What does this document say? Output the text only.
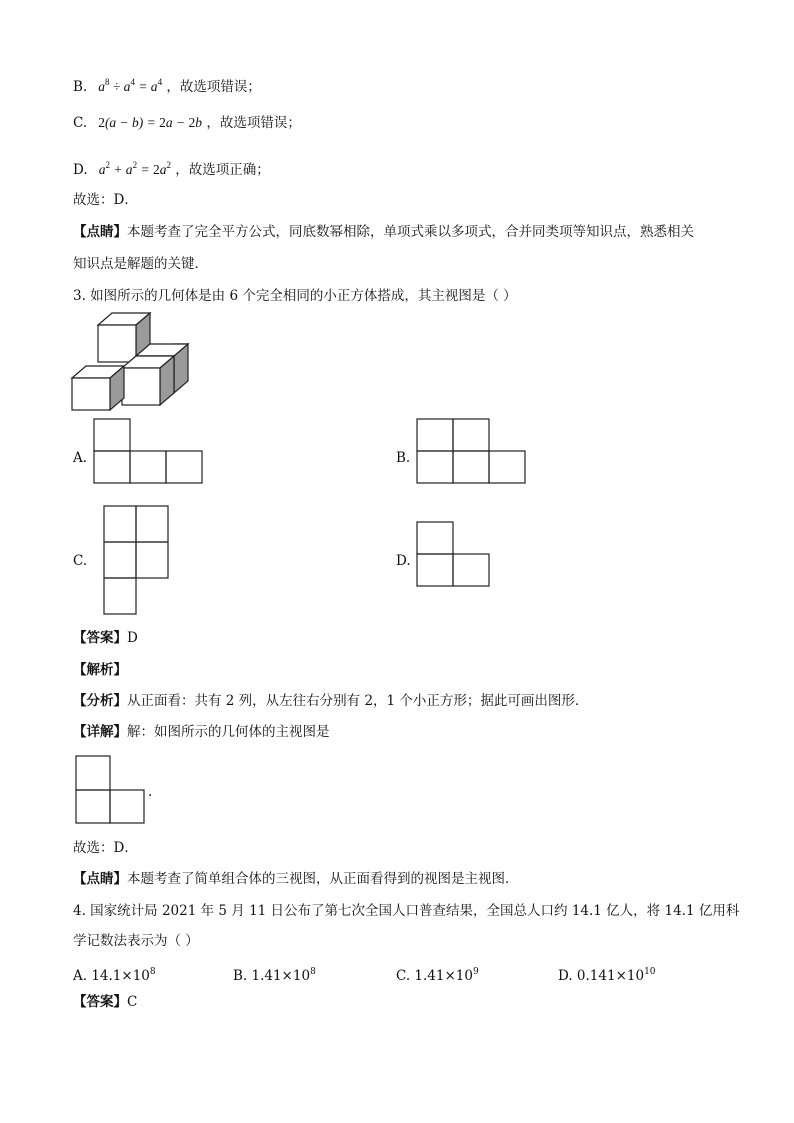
B.   $a^8 \div a^4 = a^4$ ，故选项错误；
C. 2(a − b) = 2a − 2b ，故选项错误；
D.   $a^2 + a^2 = 2a^2$ ，故选项正确；
故选：D．
【点睛】本题考查了完全平方公式，同底数幂相除，单项式乘以多项式，合并同类项等知识点，熟悉相关
知识点是解题的关键．
3. 如图所示的几何体是由 6 个完全相同的小正方体搭成，其主视图是（ ）
A.	B.
C.	D.
【答案】D
【解析】
【分析】从正面看：共有 2 列，从左往右分别有 2，1 个小正方形；据此可画出图形．
【详解】解：如图所示的几何体的主视图是
.
故选：D．
【点睛】本题考查了简单组合体的三视图，从正面看得到的视图是主视图．
4. 国家统计局 2021 年 5 月 11 日公布了第七次全国人口普查结果，全国总人口约 14.1 亿人，将 14.1 亿用科
学记数法表示为（ ）
A. $14.1\times 10^8$	B. $1.41\times 10^8$	C. $1.41\times 10^9$	D. $0.141\times 10^{10}$
【答案】C
